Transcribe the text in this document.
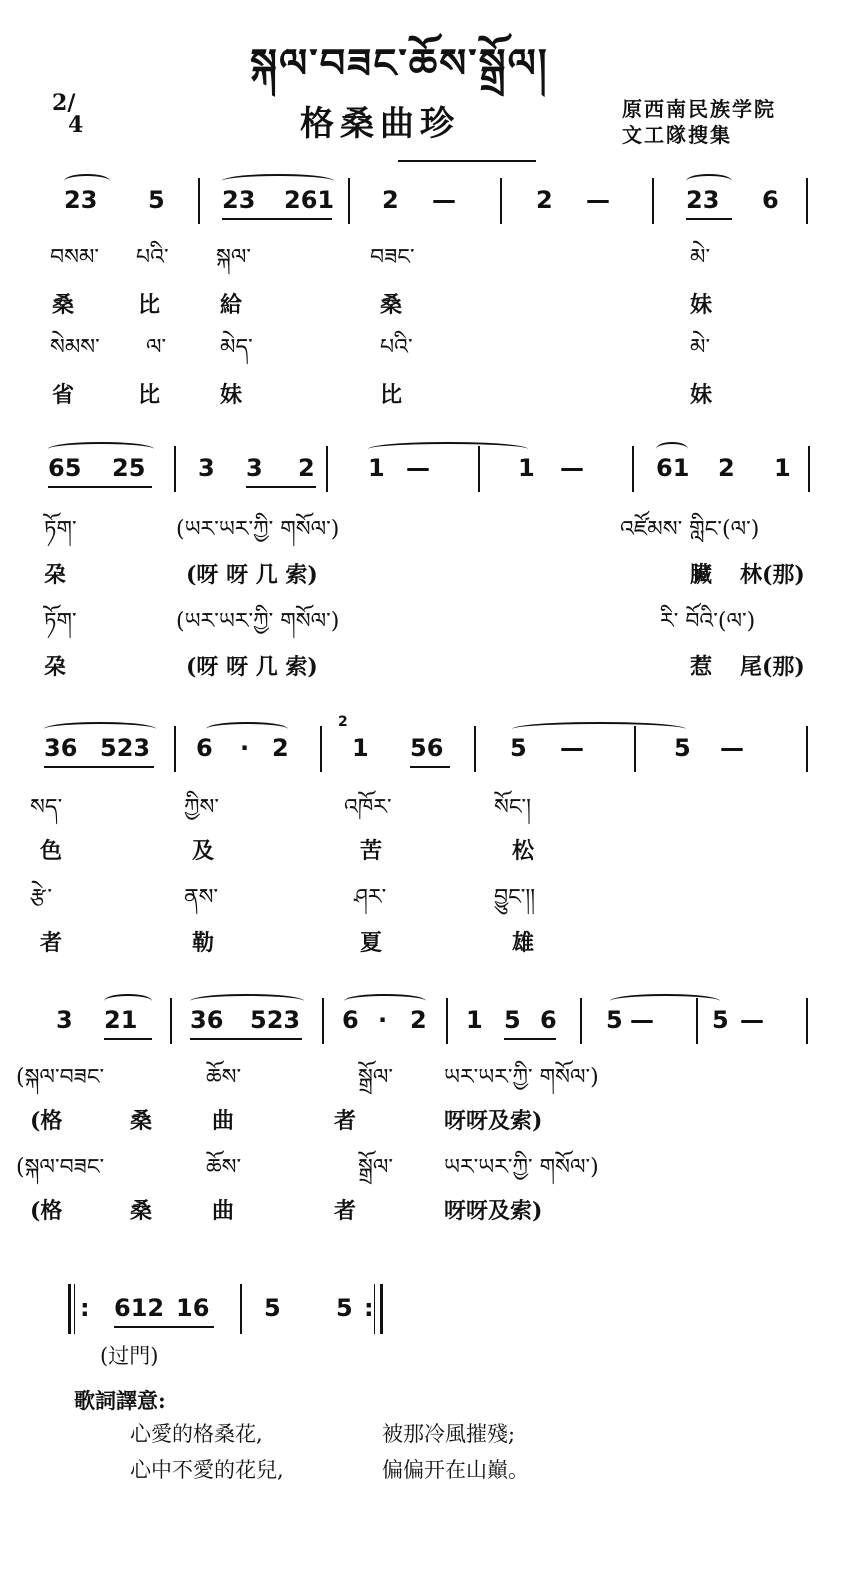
སྐལ་བཟང་ཆོས་སྒྲོལ།
2/
4	格桑曲珍	原西南民族学院
文工隊搜集
23 5 23 261 2 —	2 —	23 6
བསམ་ པའི་ སྐལ་	བཟང་	མེ་
桑	比	給	桑	妹
སེམས་ ལ་ མེད་	པའི་	མེ་
省	比	妹	比	妹
65 25 3 3 2 1 —	1 —	61 2 1
ཏོག་	(ཡར་ཡར་ཀྱི་ གསོལ་)	འཛོམས་ གླིང་(ལ་)
朶	(呀 呀 几 索)	臟 林(那)
ཏོག་	(ཡར་ཡར་ཀྱི་ གསོལ་)	རི་ བོའི་(ལ་)
朶	(呀 呀 几 索)	惹 尾(那)
36 523 6 · 2
2
1 56	5 —	5 —
སད་	ཀྱིས་	འཁོར་	སོང་།
色	及	苦	松
རྩེ་	ནས་	ཤར་	བྱུང་།།
者	勒	夏	雄
3 21 36 523 6 · 2 1 5 6 5 — 5 —
(སྐལ་བཟང་	ཆོས་	སྒྲོལ་ ཡར་ཡར་ཀྱི་ གསོལ་)
(格	桑	曲	者	呀呀及索)
(སྐལ་བཟང་	ཆོས་	སྒྲོལ་ ཡར་ཡར་ཀྱི་ གསོལ་)
(格	桑	曲	者	呀呀及索)
: 612 16 5 5 :
(过門)
歌詞譯意:
心愛的格桑花,	被那冷風摧殘;
心中不愛的花兒,	偏偏开在山巔。
